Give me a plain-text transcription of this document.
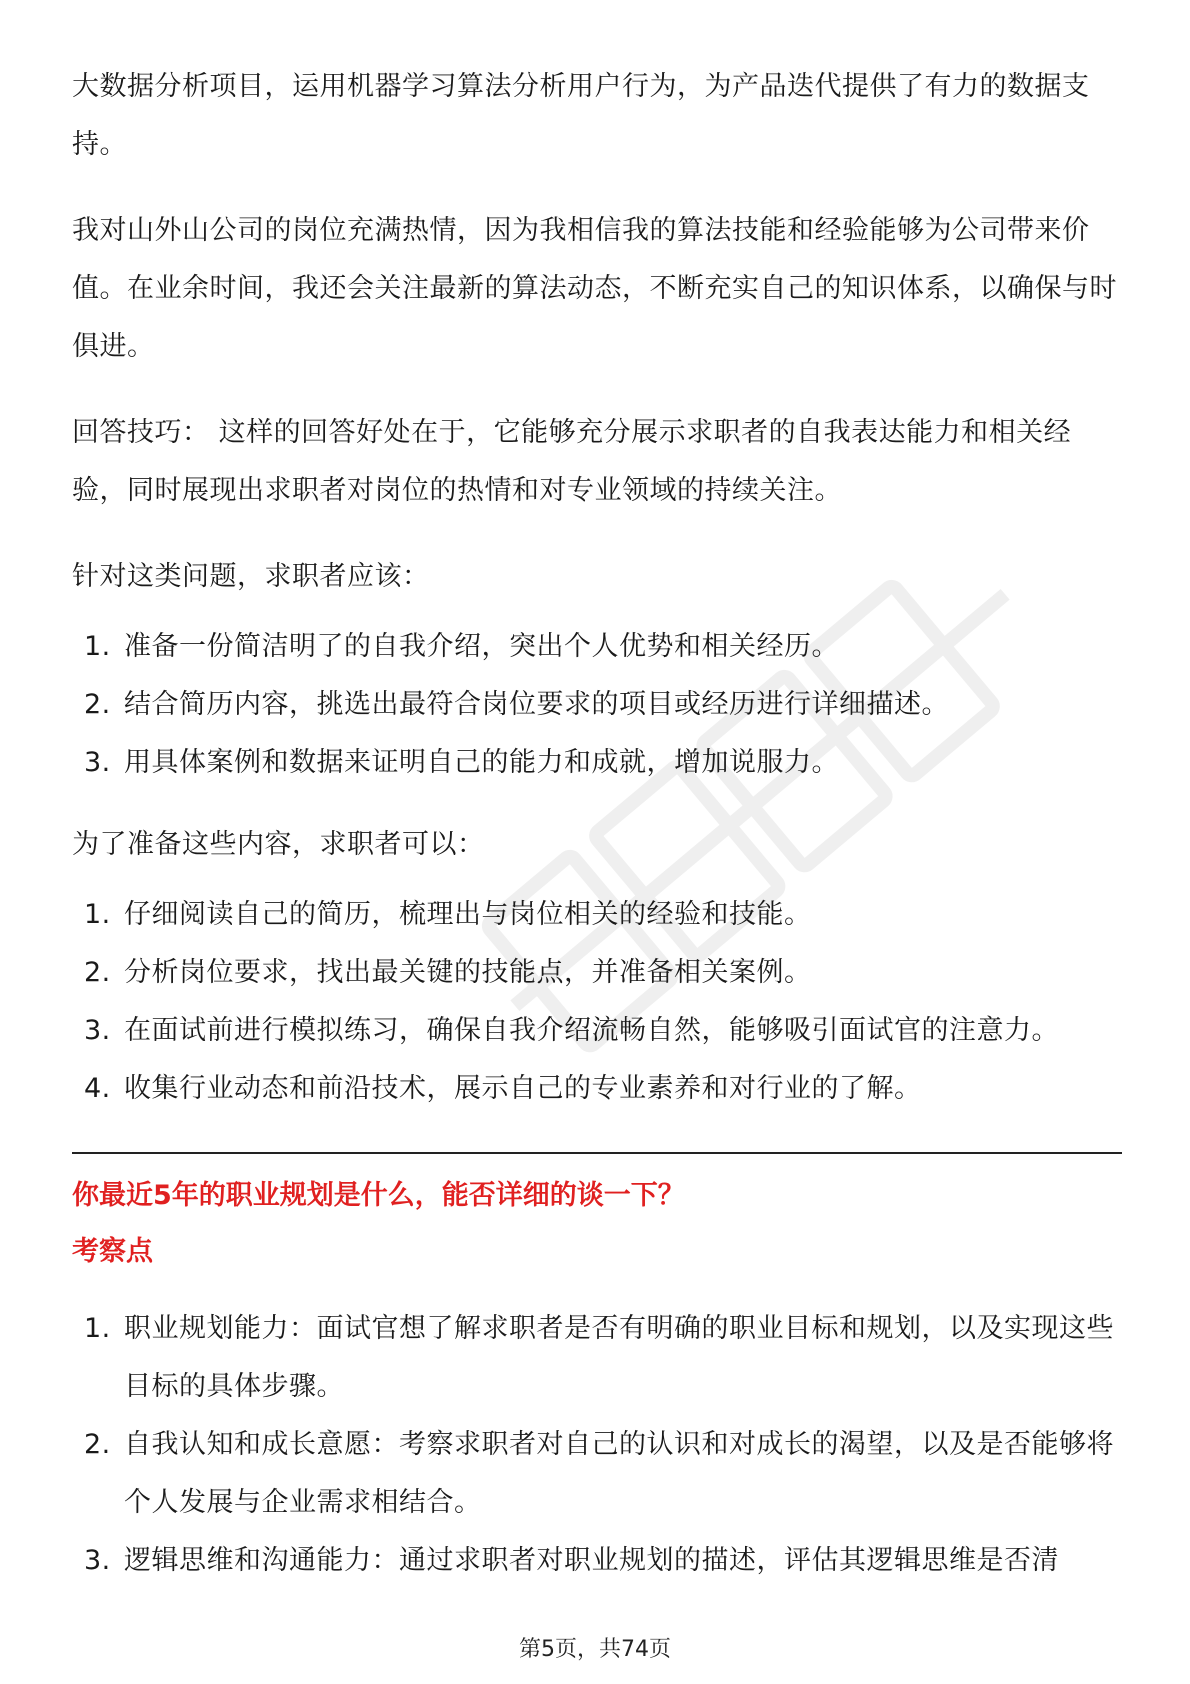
大数据分析项目，运用机器学习算法分析用户行为，为产品迭代提供了有力的数据支持。

我对山外山公司的岗位充满热情，因为我相信我的算法技能和经验能够为公司带来价值。在业余时间，我还会关注最新的算法动态，不断充实自己的知识体系，以确保与时俱进。

回答技巧： 这样的回答好处在于，它能够充分展示求职者的自我表达能力和相关经验，同时展现出求职者对岗位的热情和对专业领域的持续关注。

针对这类问题，求职者应该：

1. 准备一份简洁明了的自我介绍，突出个人优势和相关经历。
2. 结合简历内容，挑选出最符合岗位要求的项目或经历进行详细描述。
3. 用具体案例和数据来证明自己的能力和成就，增加说服力。

为了准备这些内容，求职者可以：

1. 仔细阅读自己的简历，梳理出与岗位相关的经验和技能。
2. 分析岗位要求，找出最关键的技能点，并准备相关案例。
3. 在面试前进行模拟练习，确保自我介绍流畅自然，能够吸引面试官的注意力。
4. 收集行业动态和前沿技术，展示自己的专业素养和对行业的了解。
你最近5年的职业规划是什么，能否详细的谈一下？
考察点
1. 职业规划能力：面试官想了解求职者是否有明确的职业目标和规划，以及实现这些目标的具体步骤。
2. 自我认知和成长意愿：考察求职者对自己的认识和对成长的渴望，以及是否能够将个人发展与企业需求相结合。
3. 逻辑思维和沟通能力：通过求职者对职业规划的描述，评估其逻辑思维是否清
第5页，共74页
